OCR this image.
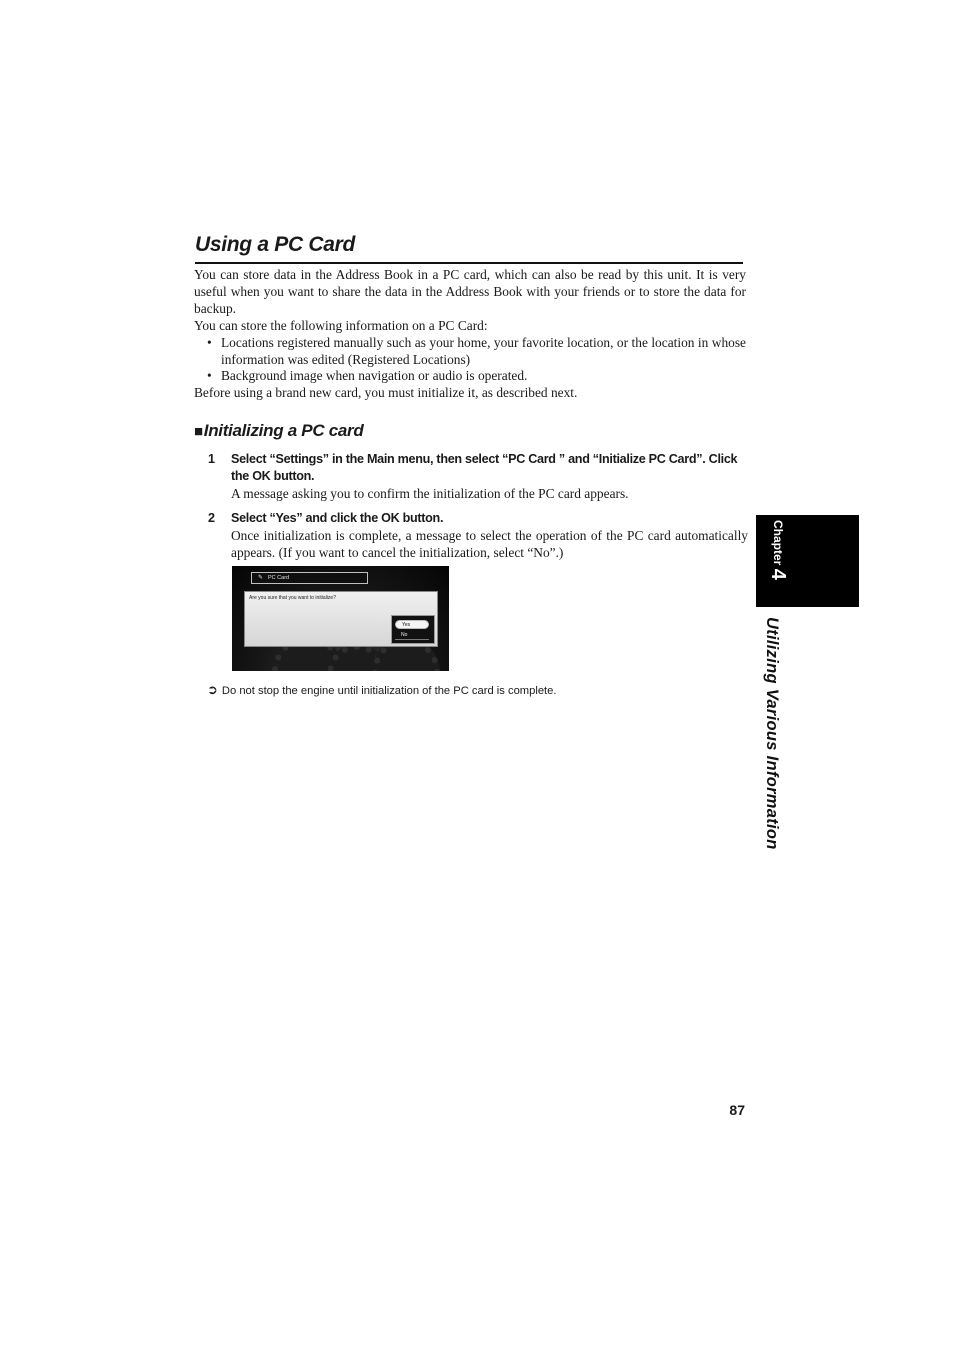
Using a PC Card

You can store data in the Address Book in a PC card, which can also be read by this unit. It is very useful when you want to share the data in the Address Book with your friends or to store the data for backup.

You can store the following information on a PC Card:

• Locations registered manually such as your home, your favorite location, or the location in whose information was edited (Registered Locations)

• Background image when navigation or audio is operated.

Before using a brand new card, you must initialize it, as described next.

■Initializing a PC card
1 Select “Settings” in the Main menu, then select “PC Card ” and “Initialize PC Card”. Click the OK button.
A message asking you to confirm the initialization of the PC card appears.
2 Select “Yes” and click the OK button.
Once initialization is complete, a message to select the operation of the PC card automatically appears. (If you want to cancel the initialization, select “No”.)
✎ PC Card
Are you sure that you want to initialize?
Yes
No
➲ Do not stop the engine until initialization of the PC card is complete.
Chapter 4
Utilizing Various Information
87
